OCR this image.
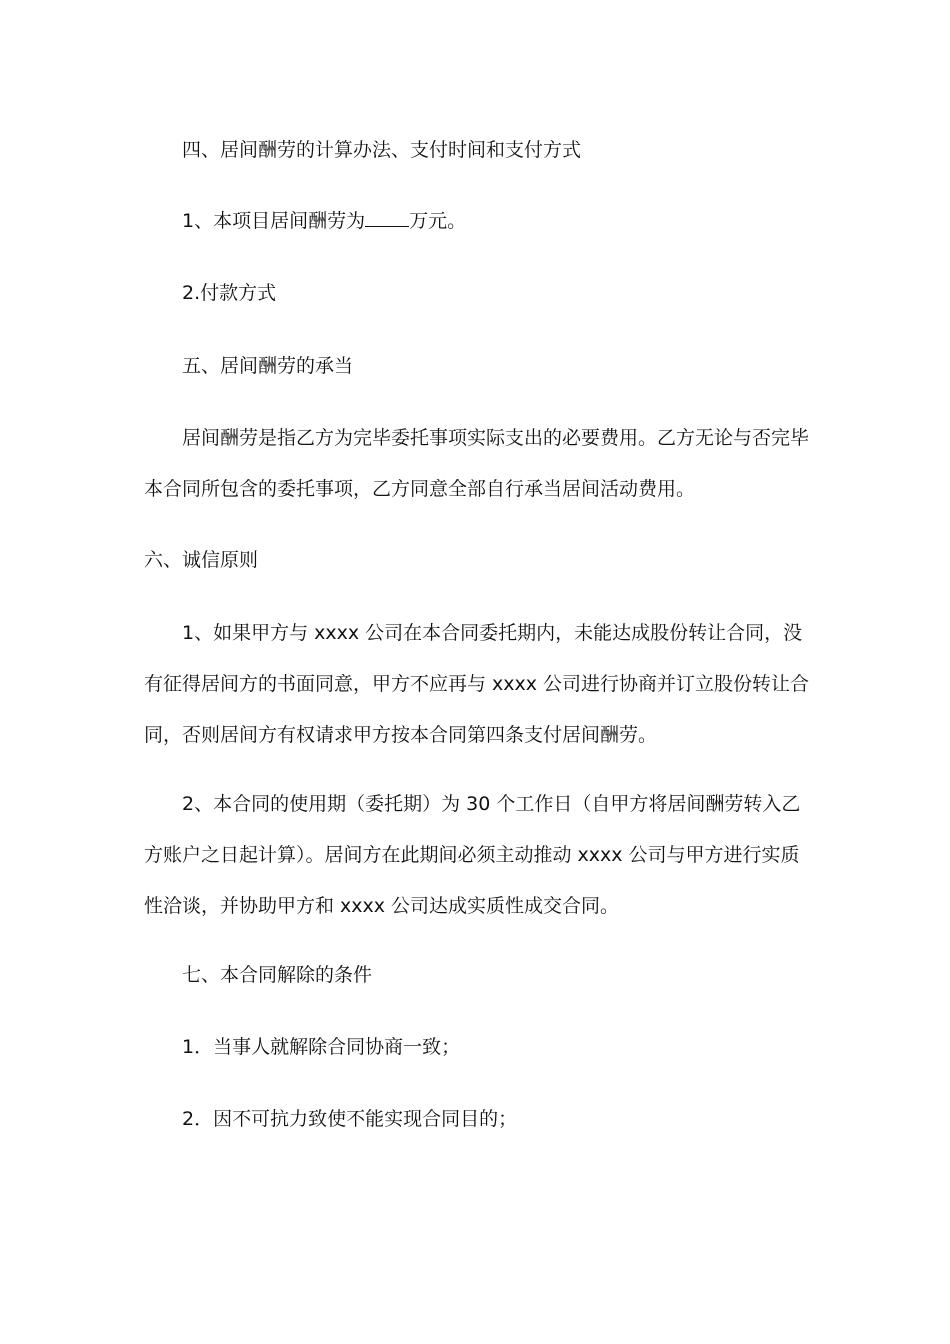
四、居间酬劳的计算办法、支付时间和支付方式

1、本项目居间酬劳为 万元。

2.付款方式

五、居间酬劳的承当

居间酬劳是指乙方为完毕委托事项实际支出的必要费用。乙方无论与否完毕本合同所包含的委托事项，乙方同意全部自行承当居间活动费用。

六、诚信原则

1、如果甲方与 xxxx 公司在本合同委托期内，未能达成股份转让合同，没有征得居间方的书面同意，甲方不应再与 xxxx 公司进行协商并订立股份转让合同，否则居间方有权请求甲方按本合同第四条支付居间酬劳。

2、本合同的使用期（委托期）为 30 个工作日（自甲方将居间酬劳转入乙方账户之日起计算）。居间方在此期间必须主动推动 xxxx 公司与甲方进行实质性洽谈，并协助甲方和 xxxx 公司达成实质性成交合同。

七、本合同解除的条件

1．当事人就解除合同协商一致；

2．因不可抗力致使不能实现合同目的；
